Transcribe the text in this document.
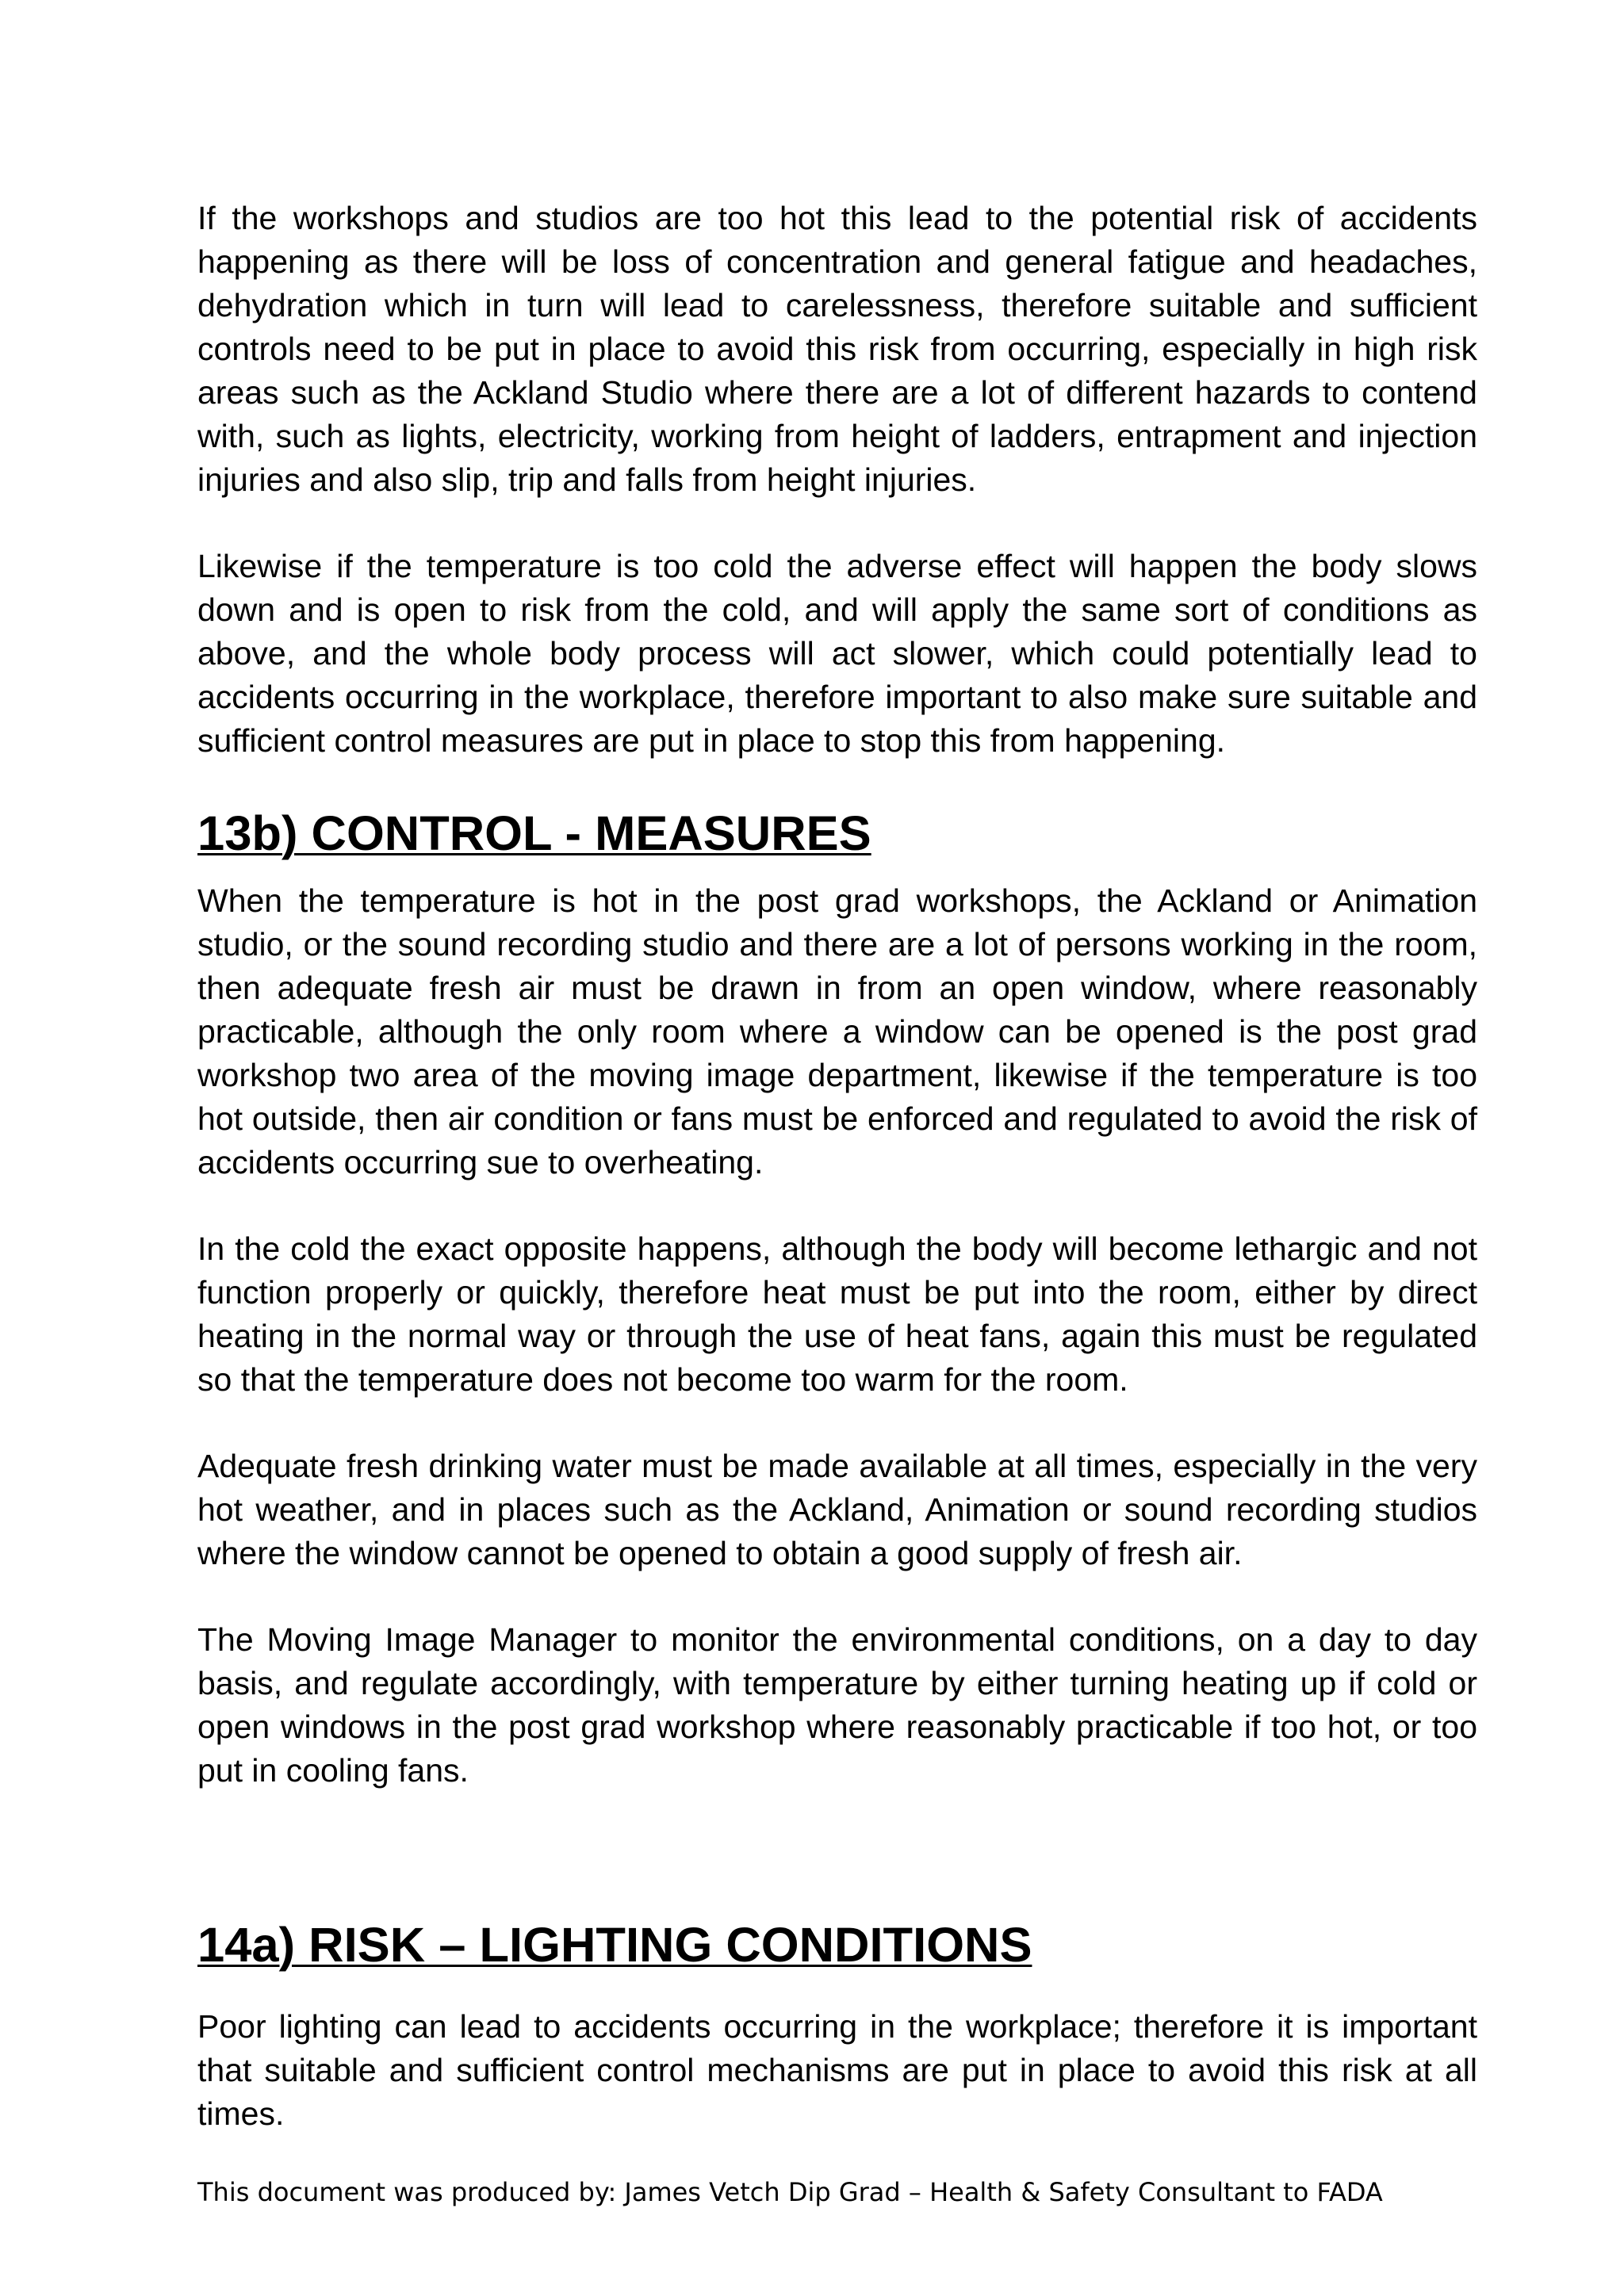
If the workshops and studios are too hot this lead to the potential risk of accidents happening as there will be loss of concentration and general fatigue and headaches, dehydration which in turn will lead to carelessness, therefore suitable and sufficient controls need to be put in place to avoid this risk from occurring, especially in high risk areas such as the Ackland Studio where there are a lot of different hazards to contend with, such as lights, electricity, working from height of ladders, entrapment and injection injuries and also slip, trip and falls from height injuries.

Likewise if the temperature is too cold the adverse effect will happen the body slows down and is open to risk from the cold, and will apply the same sort of conditions as above, and the whole body process will act slower, which could potentially lead to accidents occurring in the workplace, therefore important to also make sure suitable and sufficient control measures are put in place to stop this from happening.

13b) CONTROL - MEASURES

When the temperature is hot in the post grad workshops, the Ackland or Animation studio, or the sound recording studio and there are a lot of persons working in the room, then adequate fresh air must be drawn in from an open window, where reasonably practicable, although the only room where a window can be opened is the post grad workshop two area of the moving image department, likewise if the temperature is too hot outside, then air condition or fans must be enforced and regulated to avoid the risk of accidents occurring sue to overheating.

In the cold the exact opposite happens, although the body will become lethargic and not function properly or quickly, therefore heat must be put into the room, either by direct heating in the normal way or through the use of heat fans, again this must be regulated so that the temperature does not become too warm for the room.

Adequate fresh drinking water must be made available at all times, especially in the very hot weather, and in places such as the Ackland, Animation or sound recording studios where the window cannot be opened to obtain a good supply of fresh air.

The Moving Image Manager to monitor the environmental conditions, on a day to day basis, and regulate accordingly, with temperature by either turning heating up if cold or open windows in the post grad workshop where reasonably practicable if too hot, or too put in cooling fans.

14a) RISK – LIGHTING CONDITIONS

Poor lighting can lead to accidents occurring in the workplace; therefore it is important that suitable and sufficient control mechanisms are put in place to avoid this risk at all times.

This document was produced by: James Vetch Dip Grad – Health & Safety Consultant to FADA
